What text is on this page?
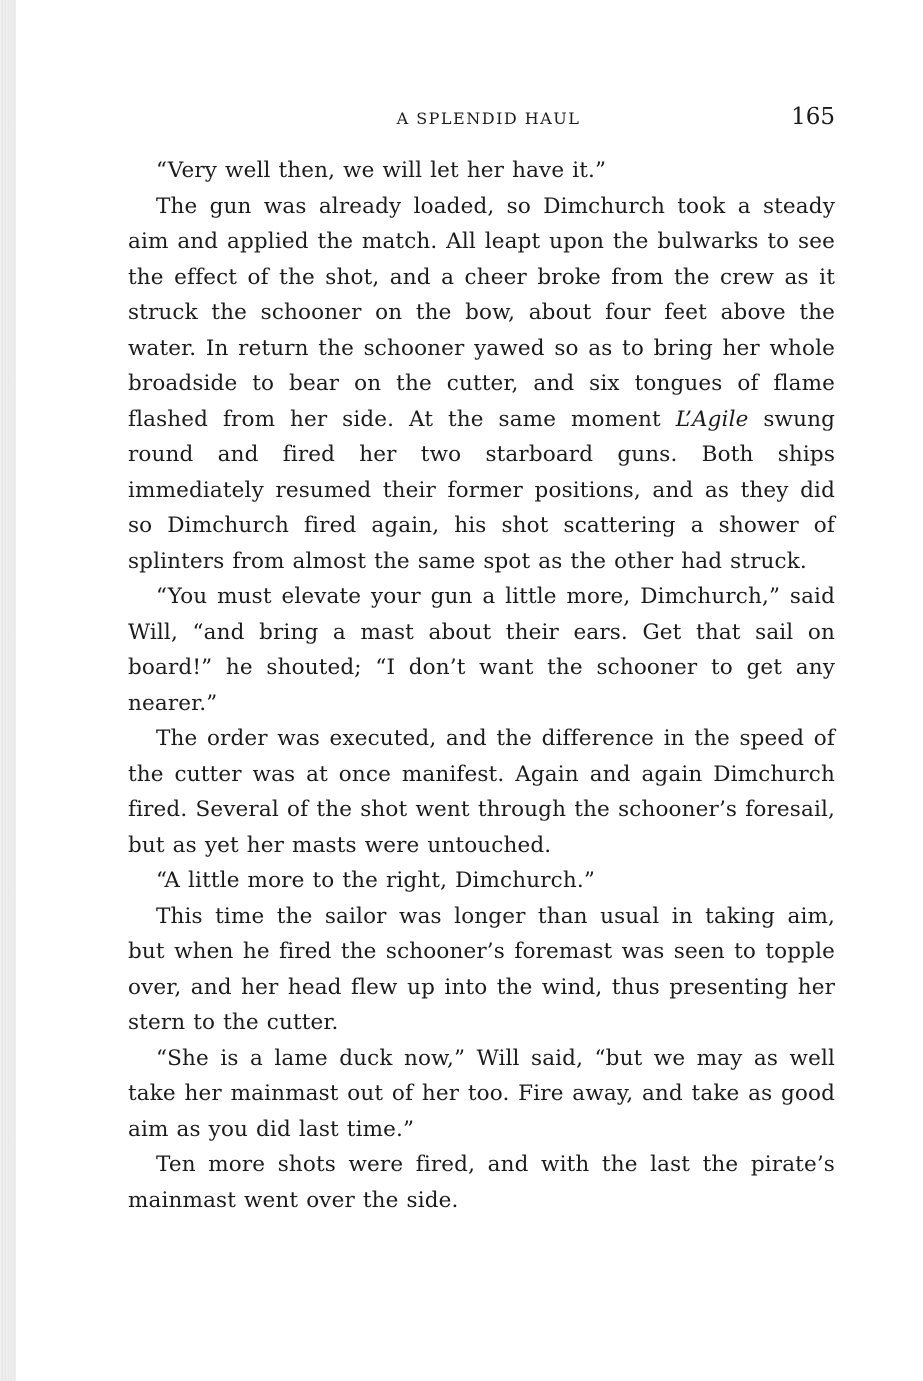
A SPLENDID HAUL	165

“Very well then, we will let her have it.”

The gun was already loaded, so Dimchurch took a steady aim and applied the match. All leapt upon the bulwarks to see the effect of the shot, and a cheer broke from the crew as it struck the schooner on the bow, about four feet above the water. In return the schooner yawed so as to bring her whole broadside to bear on the cutter, and six tongues of flame flashed from her side. At the same moment L’Agile swung round and fired her two starboard guns. Both ships immediately resumed their former positions, and as they did so Dimchurch fired again, his shot scattering a shower of splinters from almost the same spot as the other had struck.

“You must elevate your gun a little more, Dimchurch,” said Will, “and bring a mast about their ears. Get that sail on board!” he shouted; “I don’t want the schooner to get any nearer.”

The order was executed, and the difference in the speed of the cutter was at once manifest. Again and again Dimchurch fired. Several of the shot went through the schooner’s foresail, but as yet her masts were untouched.

“A little more to the right, Dimchurch.”

This time the sailor was longer than usual in taking aim, but when he fired the schooner’s foremast was seen to topple over, and her head flew up into the wind, thus presenting her stern to the cutter.

“She is a lame duck now,” Will said, “but we may as well take her mainmast out of her too. Fire away, and take as good aim as you did last time.”

Ten more shots were fired, and with the last the pirate’s mainmast went over the side.
